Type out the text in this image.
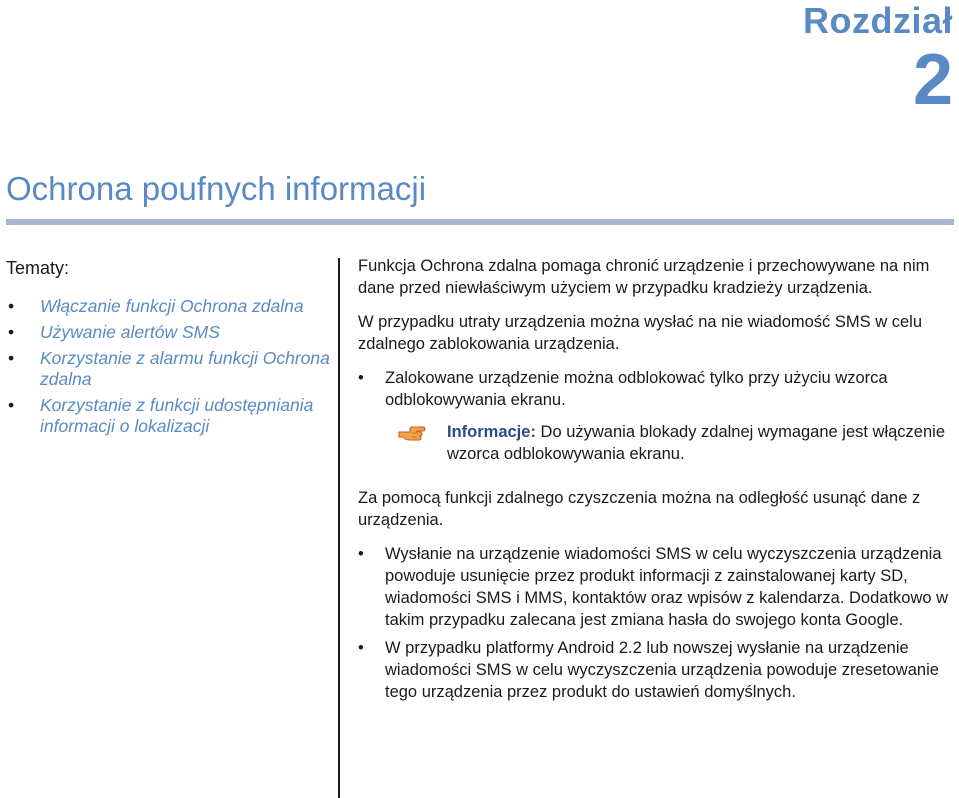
Rozdział
2
Ochrona poufnych informacji
Tematy:
• Włączanie funkcji Ochrona zdalna
• Używanie alertów SMS
• Korzystanie z alarmu funkcji Ochrona zdalna
• Korzystanie z funkcji udostępniania informacji o lokalizacji

Funkcja Ochrona zdalna pomaga chronić urządzenie i przechowywane na nim dane przed niewłaściwym użyciem w przypadku kradzieży urządzenia.

W przypadku utraty urządzenia można wysłać na nie wiadomość SMS w celu zdalnego zablokowania urządzenia.

• Zalokowane urządzenie można odblokować tylko przy użyciu wzorca odblokowywania ekranu.
Informacje: Do używania blokady zdalnej wymagane jest włączenie wzorca odblokowywania ekranu.

Za pomocą funkcji zdalnego czyszczenia można na odległość usunąć dane z urządzenia.

• Wysłanie na urządzenie wiadomości SMS w celu wyczyszczenia urządzenia powoduje usunięcie przez produkt informacji z zainstalowanej karty SD, wiadomości SMS i MMS, kontaktów oraz wpisów z kalendarza. Dodatkowo w takim przypadku zalecana jest zmiana hasła do swojego konta Google.
• W przypadku platformy Android 2.2 lub nowszej wysłanie na urządzenie wiadomości SMS w celu wyczyszczenia urządzenia powoduje zresetowanie tego urządzenia przez produkt do ustawień domyślnych.
